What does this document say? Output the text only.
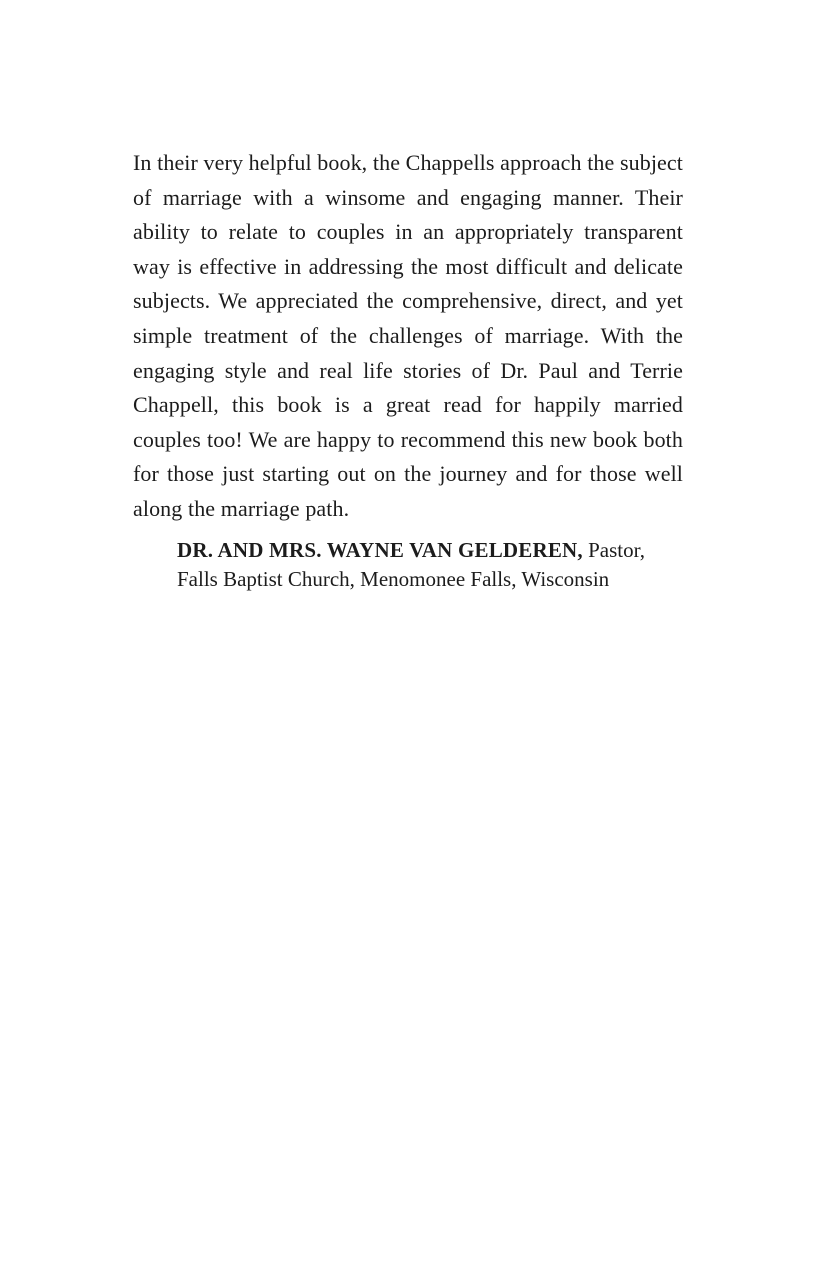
In their very helpful book, the Chappells approach the subject of marriage with a winsome and engaging manner. Their ability to relate to couples in an appropriately transparent way is effective in addressing the most difficult and delicate subjects. We appreciated the comprehensive, direct, and yet simple treatment of the challenges of marriage. With the engaging style and real life stories of Dr. Paul and Terrie Chappell, this book is a great read for happily married couples too! We are happy to recommend this new book both for those just starting out on the journey and for those well along the marriage path.

DR. AND MRS. WAYNE VAN GELDEREN, Pastor, Falls Baptist Church, Menomonee Falls, Wisconsin
